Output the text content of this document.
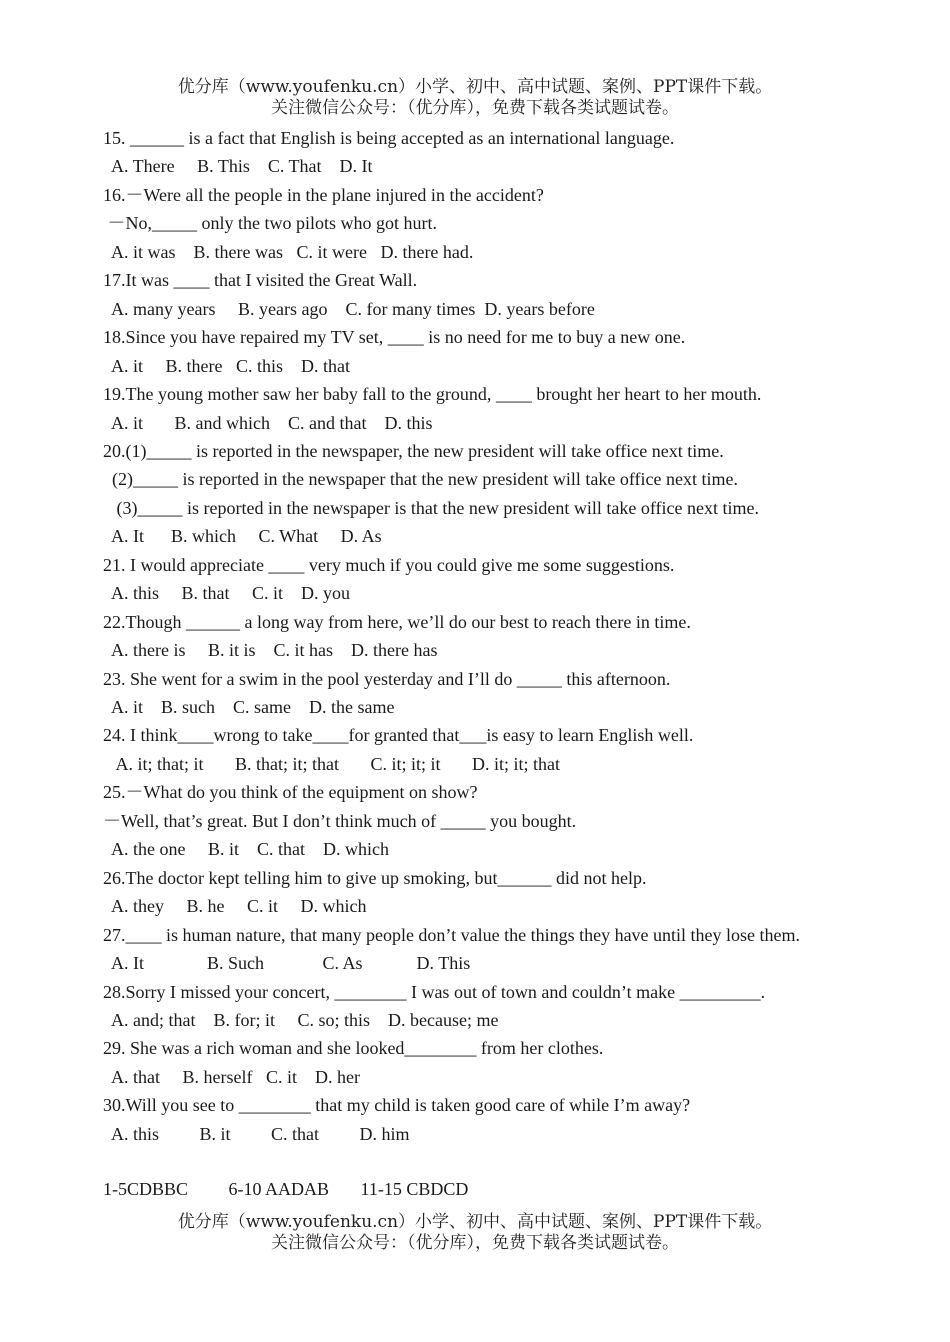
优分库（www.youfenku.cn）小学、初中、高中试题、案例、PPT课件下载。
关注微信公众号：（优分库），免费下载各类试题试卷。
15. ______ is a fact that English is being accepted as an international language.
A. There     B. This    C. That    D. It
16.－Were all the people in the plane injured in the accident?
－No,_____ only the two pilots who got hurt.
A. it was    B. there was   C. it were   D. there had.
17.It was ____ that I visited the Great Wall.
A. many years     B. years ago    C. for many times  D. years before
18.Since you have repaired my TV set, ____ is no need for me to buy a new one.
A. it     B. there   C. this    D. that
19.The young mother saw her baby fall to the ground, ____ brought her heart to her mouth.
A. it       B. and which    C. and that    D. this
20.(1)_____ is reported in the newspaper, the new president will take office next time.
(2)_____ is reported in the newspaper that the new president will take office next time.
(3)_____ is reported in the newspaper is that the new president will take office next time.
A. It      B. which     C. What     D. As
21. I would appreciate ____ very much if you could give me some suggestions.
A. this     B. that     C. it    D. you
22.Though ______ a long way from here, we’ll do our best to reach there in time.
A. there is     B. it is    C. it has    D. there has
23. She went for a swim in the pool yesterday and I’ll do _____ this afternoon.
A. it    B. such    C. same    D. the same
24. I think____wrong to take____for granted that___is easy to learn English well.
A. it; that; it       B. that; it; that       C. it; it; it       D. it; it; that
25.－What do you think of the equipment on show?
－Well, that’s great. But I don’t think much of _____ you bought.
A. the one     B. it    C. that    D. which
26.The doctor kept telling him to give up smoking, but______ did not help.
A. they     B. he     C. it     D. which
27.____ is human nature, that many people don’t value the things they have until they lose them.
A. It              B. Such             C. As            D. This
28.Sorry I missed your concert, ________ I was out of town and couldn’t make _________.
A. and; that    B. for; it     C. so; this    D. because; me
29. She was a rich woman and she looked________ from her clothes.
A. that     B. herself   C. it    D. her
30.Will you see to ________ that my child is taken good care of while I’m away?
A. this         B. it         C. that         D. him
1-5CDBBC         6-10 AADAB       11-15 CBDCD
优分库（www.youfenku.cn）小学、初中、高中试题、案例、PPT课件下载。
关注微信公众号：（优分库），免费下载各类试题试卷。
